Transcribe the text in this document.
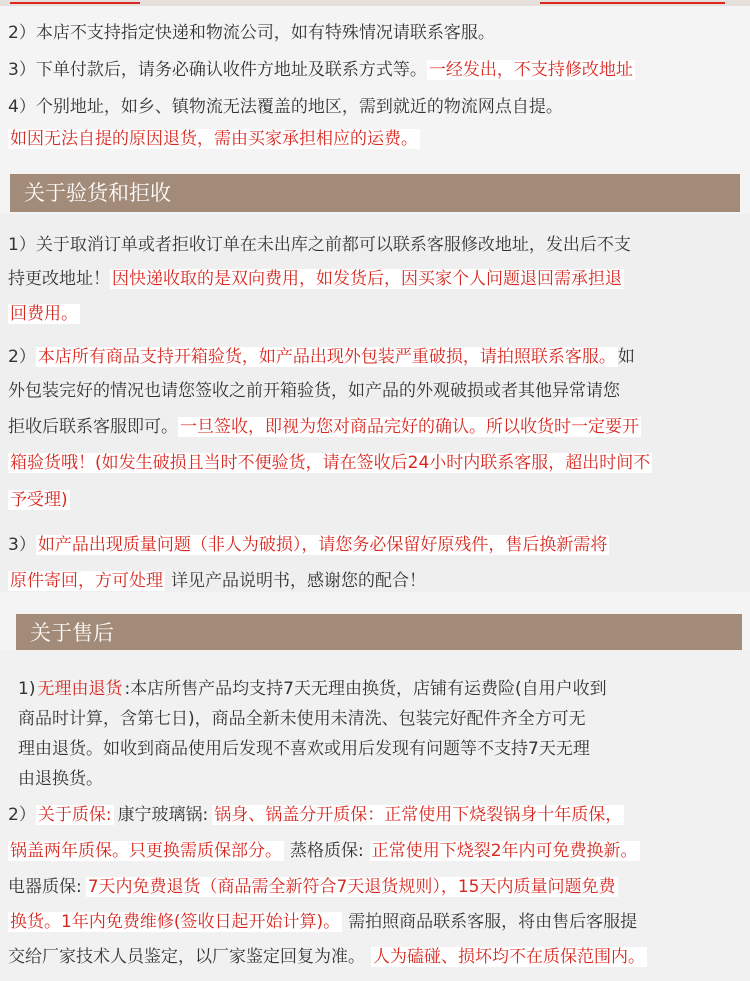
2）本店不支持指定快递和物流公司，如有特殊情况请联系客服。
3）下单付款后，请务必确认收件方地址及联系方式等。 一经发出，不支持修改地址
4）个别地址，如乡、镇物流无法覆盖的地区，需到就近的物流网点自提。
如因无法自提的原因退货，需由买家承担相应的运费。
关于验货和拒收
1）关于取消订单或者拒收订单在未出库之前都可以联系客服修改地址，发出后不支
持更改地址！ 因快递收取的是双向费用，如发货后，因买家个人问题退回需承担退
回费用。
2） 本店所有商品支持开箱验货，如产品出现外包装严重破损，请拍照联系客服。 如
外包装完好的情况也请您签收之前开箱验货，如产品的外观破损或者其他异常请您
拒收后联系客服即可。 一旦签收，即视为您对商品完好的确认。所以收货时一定要开
箱验货哦！(如发生破损且当时不便验货，请在签收后24小时内联系客服，超出时间不
予受理)
3） 如产品出现质量问题（非人为破损），请您务必保留好原残件，售后换新需将
原件寄回，方可处理 详见产品说明书，感谢您的配合！
关于售后
1) 无理由退货 :本店所售产品均支持7天无理由换货，店铺有运费险(自用户收到
商品时计算，含第七日)，商品全新未使用未清洗、包装完好配件齐全方可无
理由退货。如收到商品使用后发现不喜欢或用后发现有问题等不支持7天无理
由退换货。
2） 关于质保: 康宁玻璃锅: 锅身、锅盖分开质保：正常使用下烧裂锅身十年质保，
锅盖两年质保。只更换需质保部分。 蒸格质保: 正常使用下烧裂2年内可免费换新。
电器质保: 7天内免费退货（商品需全新符合7天退货规则），15天内质量问题免费
换货。1年内免费维修(签收日起开始计算)。 需拍照商品联系客服，将由售后客服提
交给厂家技术人员鉴定，以厂家鉴定回复为准。 人为磕碰、损坏均不在质保范围内。
